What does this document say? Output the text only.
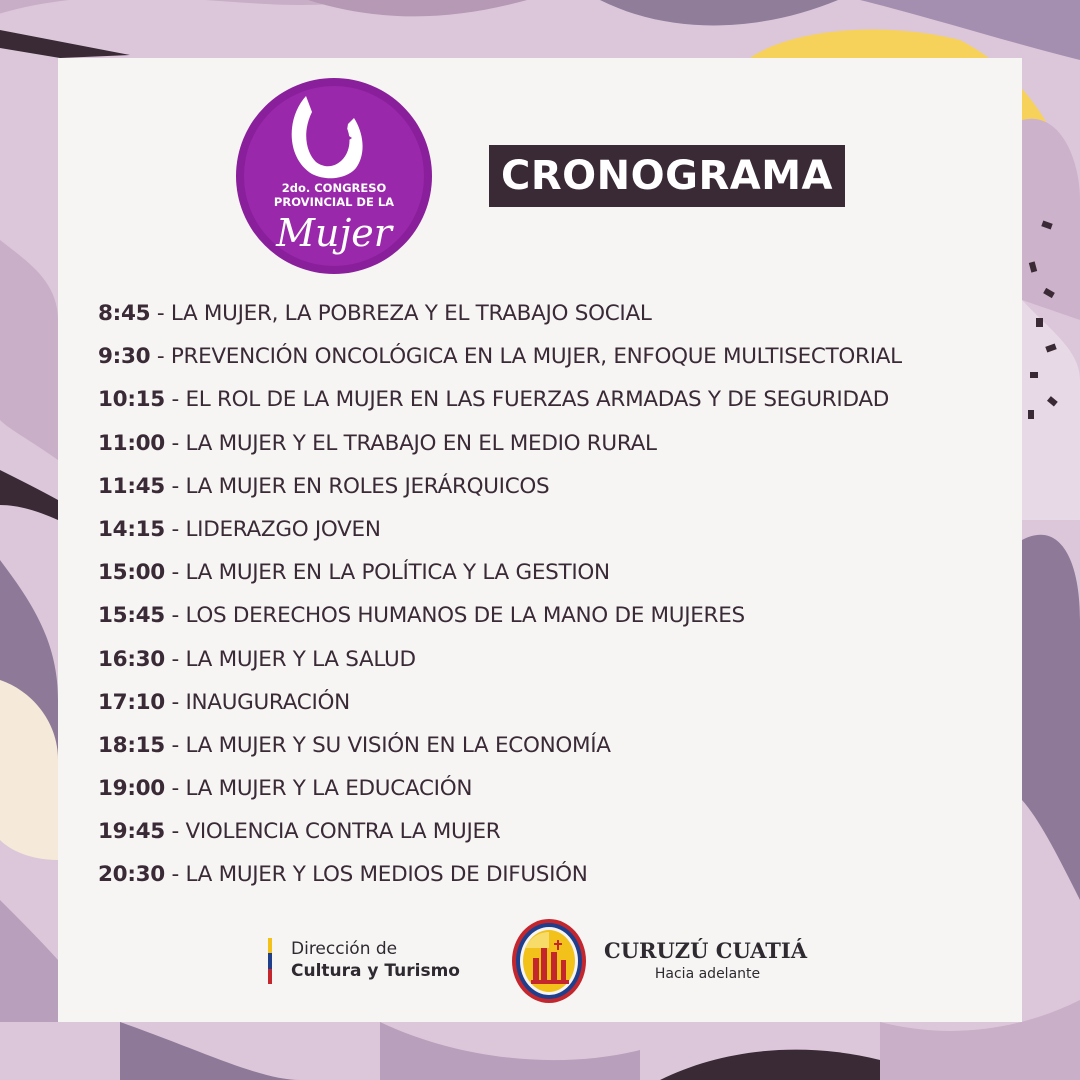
2do. CONGRESO
PROVINCIAL DE LA
Mujer
CRONOGRAMA
8:45 - LA MUJER, LA POBREZA Y EL TRABAJO SOCIAL
9:30 - PREVENCIÓN ONCOLÓGICA EN LA MUJER, ENFOQUE MULTISECTORIAL
10:15 - EL ROL DE LA MUJER EN LAS FUERZAS ARMADAS Y DE SEGURIDAD
11:00 - LA MUJER Y EL TRABAJO EN EL MEDIO RURAL
11:45 - LA MUJER EN ROLES JERÁRQUICOS
14:15 - LIDERAZGO JOVEN
15:00 - LA MUJER EN LA POLÍTICA Y LA GESTION
15:45 - LOS DERECHOS HUMANOS DE LA MANO DE MUJERES
16:30 - LA MUJER Y LA SALUD
17:10 - INAUGURACIÓN
18:15 - LA MUJER Y SU VISIÓN EN LA ECONOMÍA
19:00 - LA MUJER Y LA EDUCACIÓN
19:45 - VIOLENCIA CONTRA LA MUJER
20:30 - LA MUJER Y LOS MEDIOS DE DIFUSIÓN
Dirección de
Cultura y Turismo
CURUZÚ CUATIÁ
Hacia adelante
